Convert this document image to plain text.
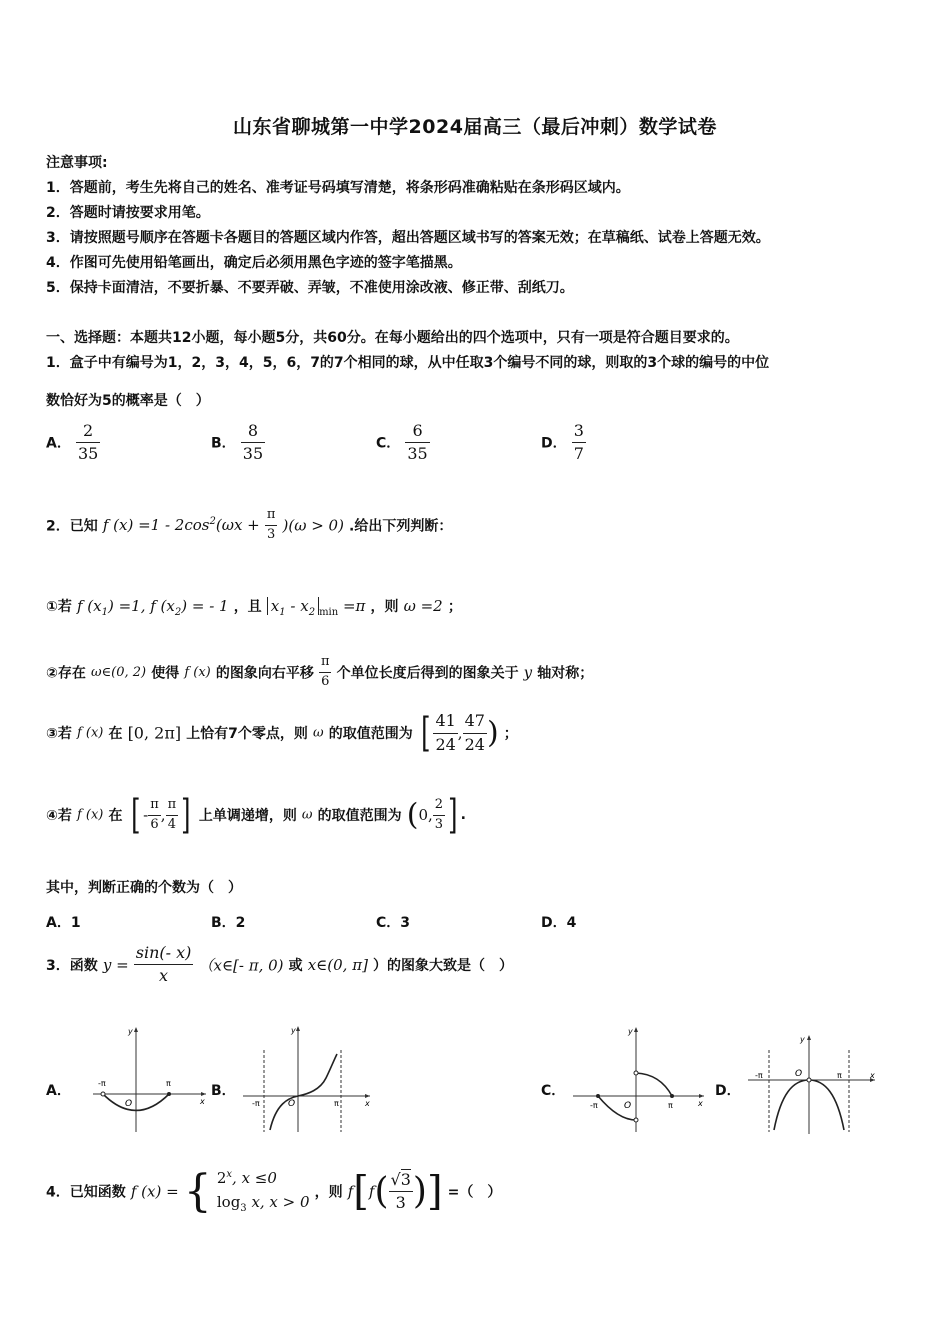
山东省聊城第一中学2024届高三（最后冲刺）数学试卷
注意事项:
1．答题前，考生先将自己的姓名、准考证号码填写清楚，将条形码准确粘贴在条形码区域内。
2．答题时请按要求用笔。
3．请按照题号顺序在答题卡各题目的答题区域内作答，超出答题区域书写的答案无效；在草稿纸、试卷上答题无效。
4．作图可先使用铅笔画出，确定后必须用黑色字迹的签字笔描黑。
5．保持卡面清洁，不要折暴、不要弄破、弄皱，不准使用涂改液、修正带、刮纸刀。
一、选择题：本题共12小题，每小题5分，共60分。在每小题给出的四个选项中，只有一项是符合题目要求的。
1．盒子中有编号为1，2，3，4，5，6，7的7个相同的球，从中任取3个编号不同的球，则取的3个球的编号的中位
数恰好为5的概率是（　）
A． $\frac{2}{35}$	B． $\frac{8}{35}$	C． $\frac{6}{35}$	D． $\frac{3}{7}$
2．已知 f $(x) =1 - 2\cos^2(\omega x + \frac{\pi}{3} )(\omega > 0)$ .给出下列判断：
①若 f $(x_1) =1$, f $(x_2)$ = - 1 ，且 $x_1 - x_2$ $_{min}$ =π ，则 ω =2 ；
②存在 ω∈(0, 2) 使得 f (x) 的图象向右平移 $\frac{\pi}{6}$ 个单位长度后得到的图象关于 y 轴对称；
③若 f (x) 在 [0, 2π] 上恰有7个零点，则 ω 的取值范围为 [ $\frac{41}{24}$ , $\frac{47}{24}$ ) ；
④若 f (x) 在 [ - $\frac{\pi}{6}$ , $\frac{\pi}{4}$ ] 上单调递增，则 ω 的取值范围为 (0, $\frac{2}{3}$ ] .
其中，判断正确的个数为（　）
A．1	B．2	C．3	D．4
3．函数 $y = \frac{\sin(- x)}{x}$ （x∈[- π, 0) 或 x∈(0, π] ）的图象大致是（　）
A．	B．	C．	D．
-π	π
O	x
y
-π	π
O	x
y
-π	π
O	x
y
-π	π
O	x
y
4．已知函数 f (x) = { 2$^x$, x ≤0
$\log_3 x$, x > 0
，则 $f[f( \frac{√3}{3}$ )] =（　）
